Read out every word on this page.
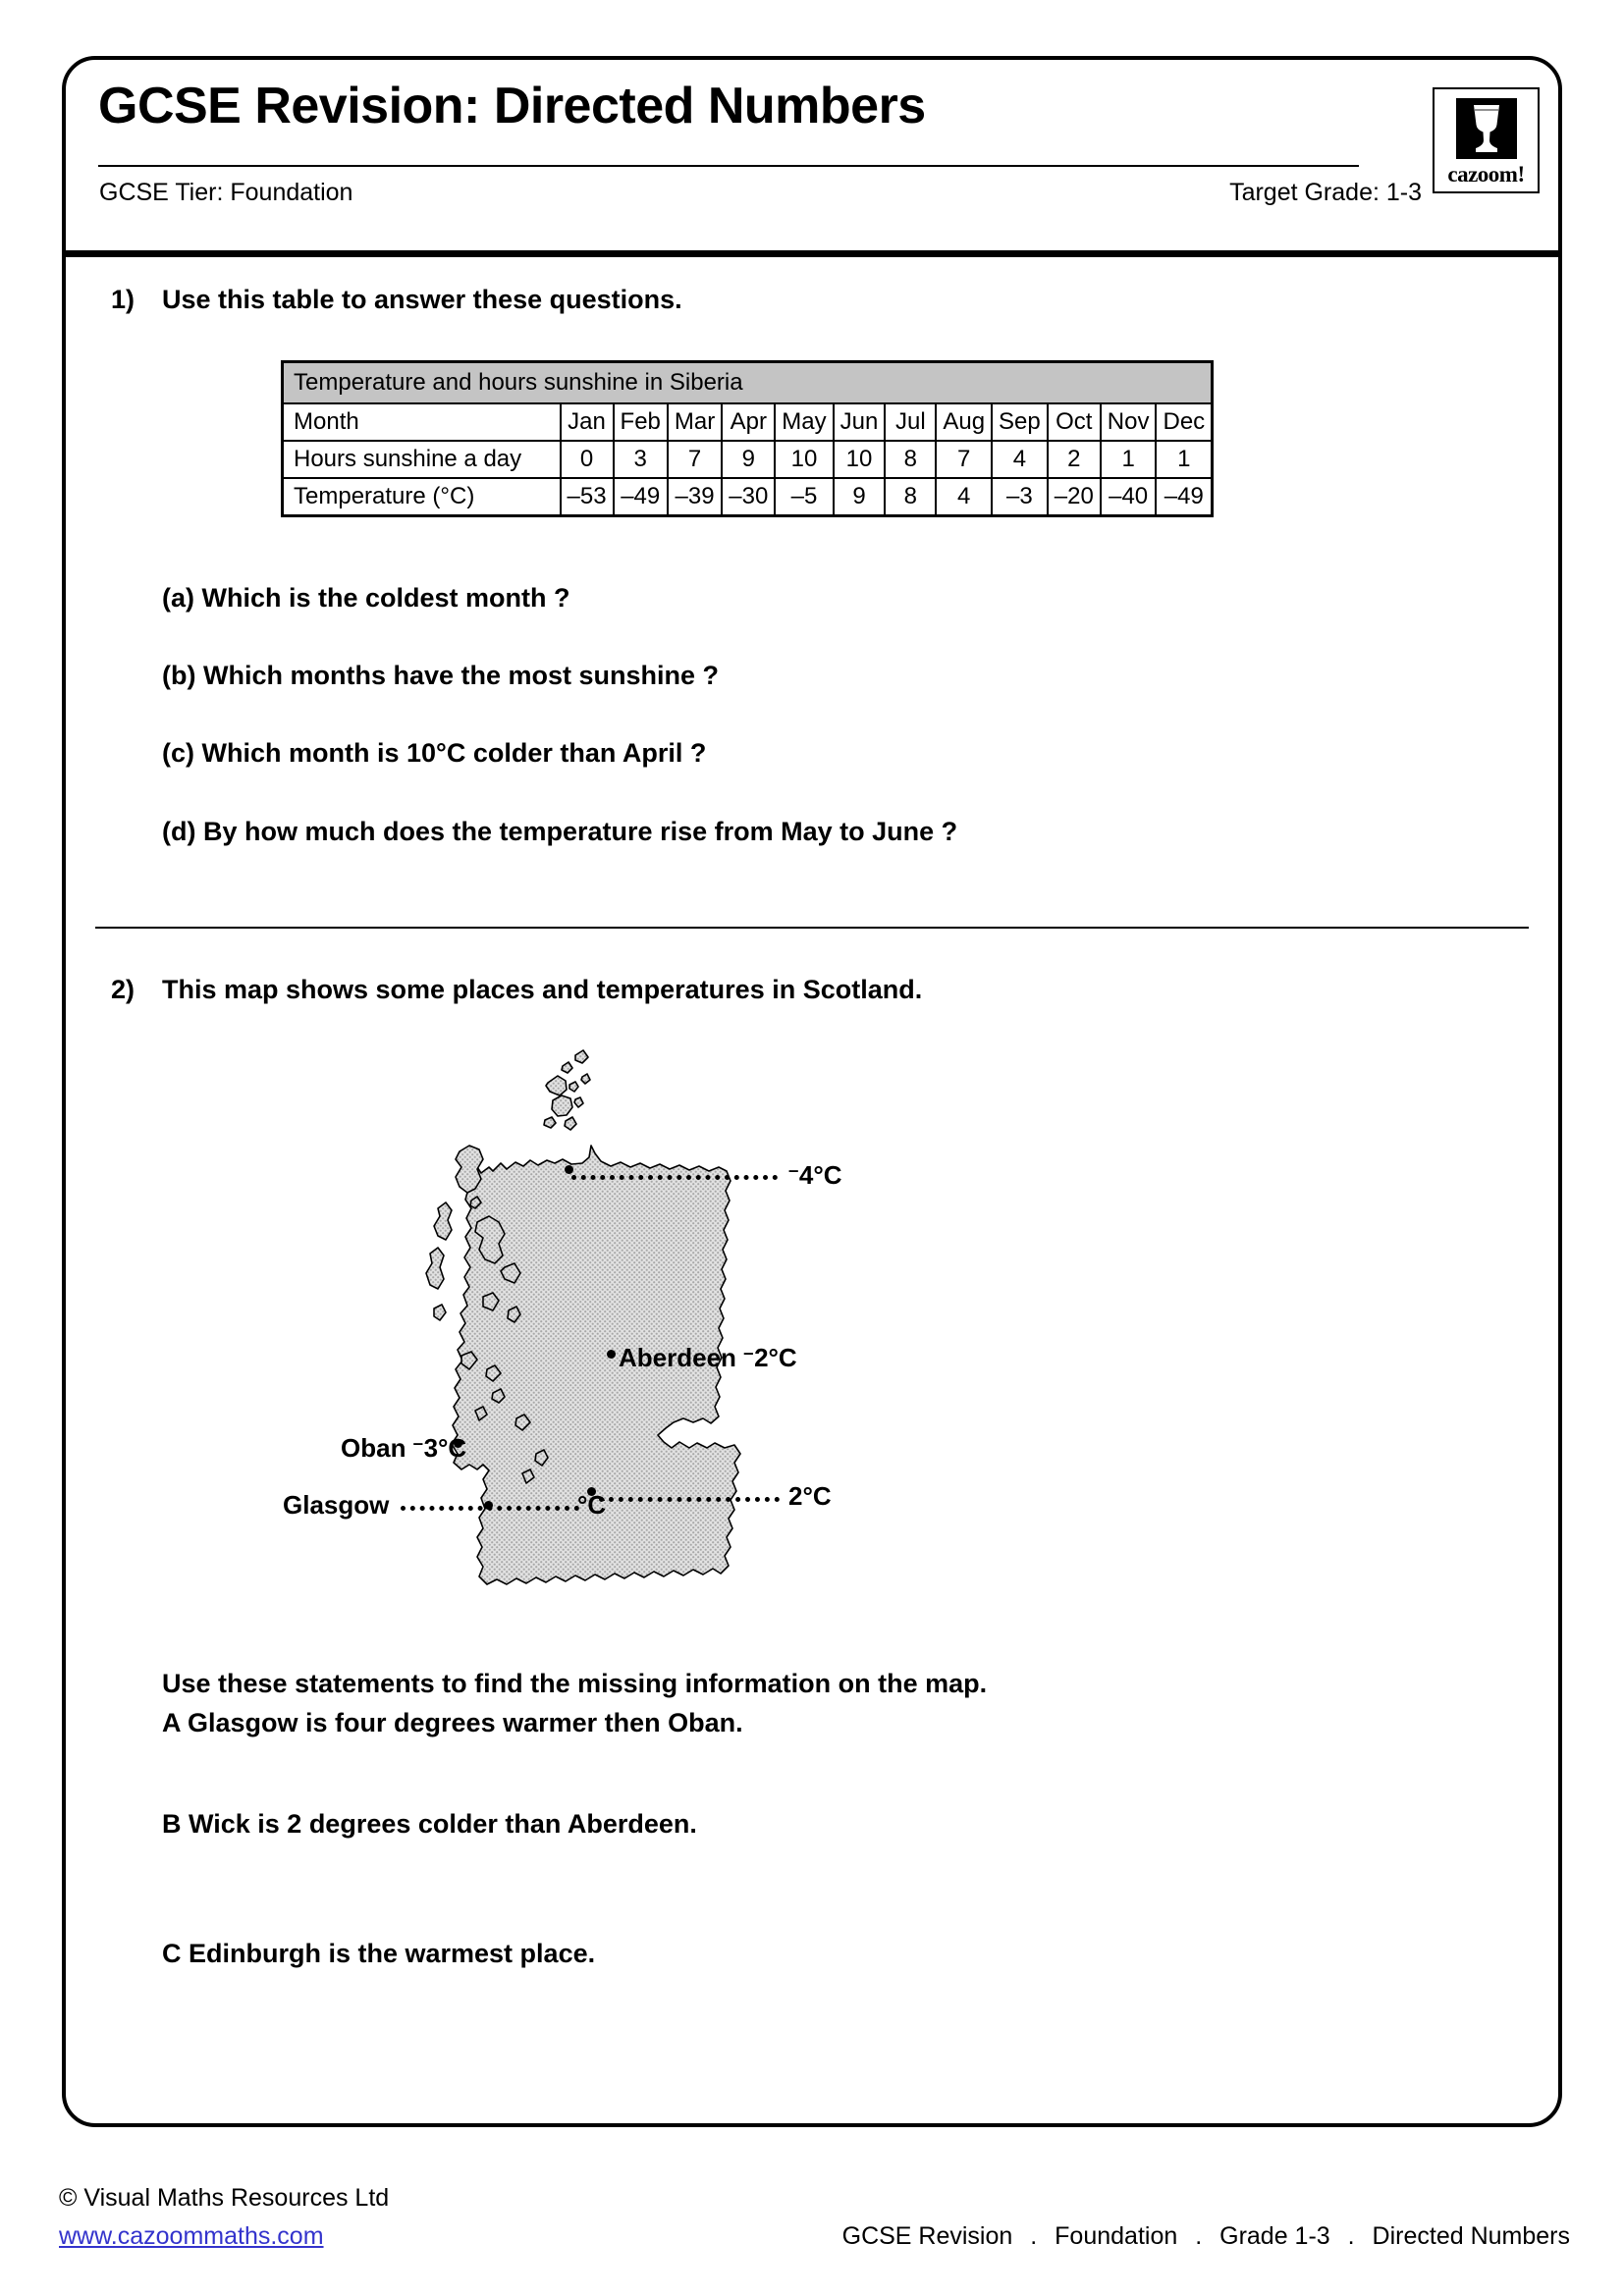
GCSE Revision: Directed Numbers
GCSE Tier: Foundation	Target Grade: 1-3
cazoom!
1) Use this table to answer these questions.
Temperature and hours sunshine in Siberia												
Month	Jan	Feb	Mar	Apr	May	Jun	Jul	Aug	Sep	Oct	Nov	Dec
Hours sunshine a day	0	3	7	9	10	10	8	7	4	2	1	1
Temperature (°C)	–53	–49	–39	–30	–5	9	8	4	–3	–20	–40	–49
(a) Which is the coldest month ?
(b) Which months have the most sunshine ?
(c) Which month is 10°C colder than April ?
(d) By how much does the temperature rise from May to June ?
2) This map shows some places and temperatures in Scotland.
–4°C
Aberdeen –2°C
Oban –3°C
Glasgow	°C	2°C
Use these statements to find the missing information on the map.
A Glasgow is four degrees warmer then Oban.
B Wick is 2 degrees colder than Aberdeen.
C Edinburgh is the warmest place.
© Visual Maths Resources Ltd
www.cazoommaths.com	GCSE Revision . Foundation . Grade 1-3 . Directed Numbers
